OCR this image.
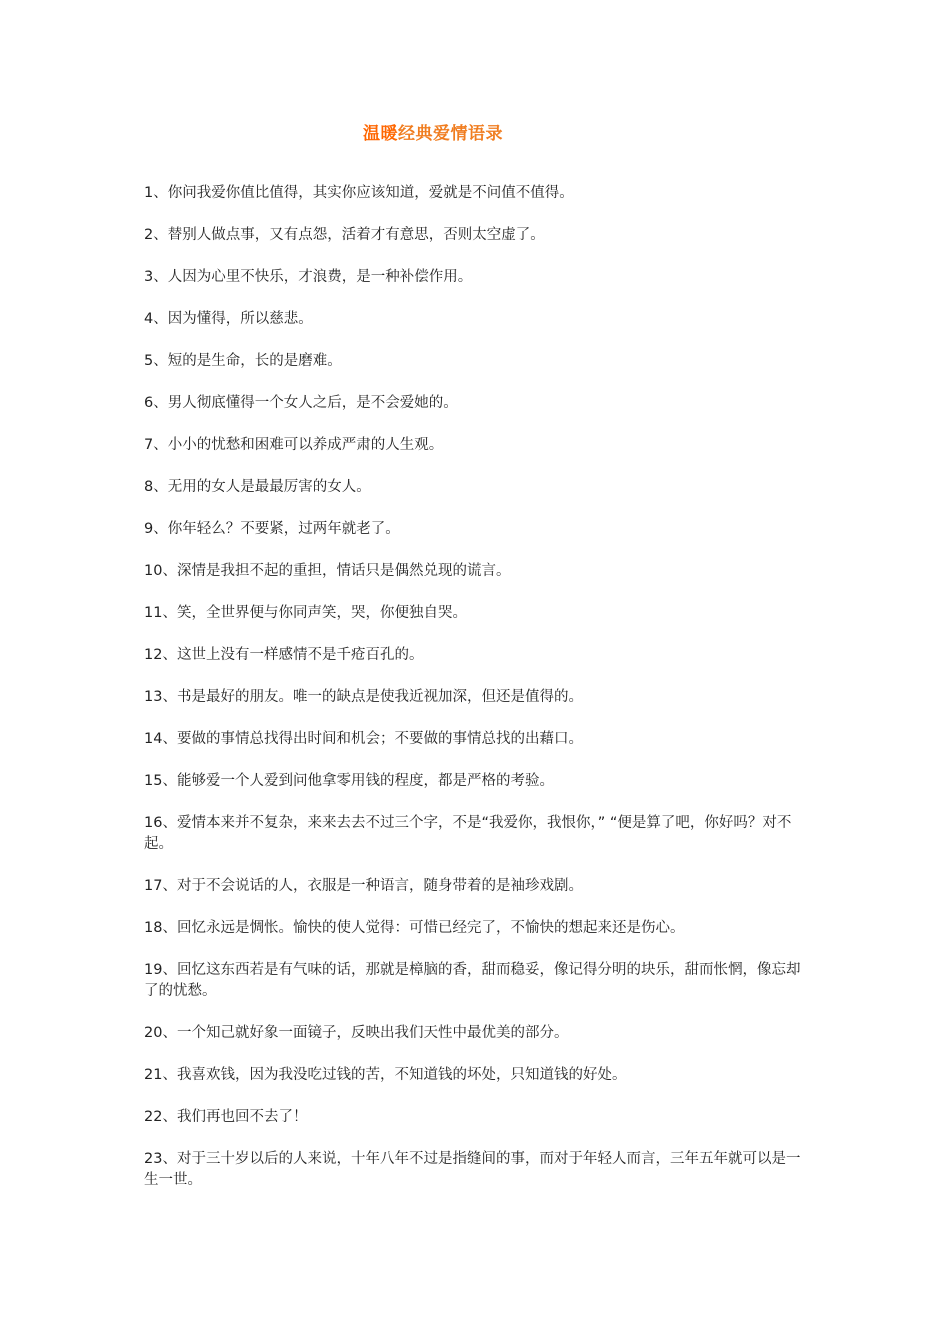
温暖经典爱情语录
1、你问我爱你值比值得，其实你应该知道，爱就是不问值不值得。
2、替别人做点事，又有点怨，活着才有意思，否则太空虚了。
3、人因为心里不快乐，才浪费，是一种补偿作用。
4、因为懂得，所以慈悲。
5、短的是生命，长的是磨难。
6、男人彻底懂得一个女人之后，是不会爱她的。
7、小小的忧愁和困难可以养成严肃的人生观。
8、无用的女人是最最厉害的女人。
9、你年轻么？不要紧，过两年就老了。
10、深情是我担不起的重担，情话只是偶然兑现的谎言。
11、笑，全世界便与你同声笑，哭，你便独自哭。
12、这世上没有一样感情不是千疮百孔的。
13、书是最好的朋友。唯一的缺点是使我近视加深，但还是值得的。
14、要做的事情总找得出时间和机会；不要做的事情总找的出藉口。
15、能够爱一个人爱到问他拿零用钱的程度，都是严格的考验。
16、爱情本来并不复杂，来来去去不过三个字，不是“我爱你，我恨你，” “便是算了吧，你好吗？对不起。
17、对于不会说话的人，衣服是一种语言，随身带着的是袖珍戏剧。
18、回忆永远是惆怅。愉快的使人觉得：可惜已经完了，不愉快的想起来还是伤心。
19、回忆这东西若是有气味的话，那就是樟脑的香，甜而稳妥，像记得分明的块乐，甜而怅惘，像忘却了的忧愁。
20、一个知己就好象一面镜子，反映出我们天性中最优美的部分。
21、我喜欢钱，因为我没吃过钱的苦，不知道钱的坏处，只知道钱的好处。
22、我们再也回不去了！
23、对于三十岁以后的人来说，十年八年不过是指缝间的事，而对于年轻人而言，三年五年就可以是一生一世。
